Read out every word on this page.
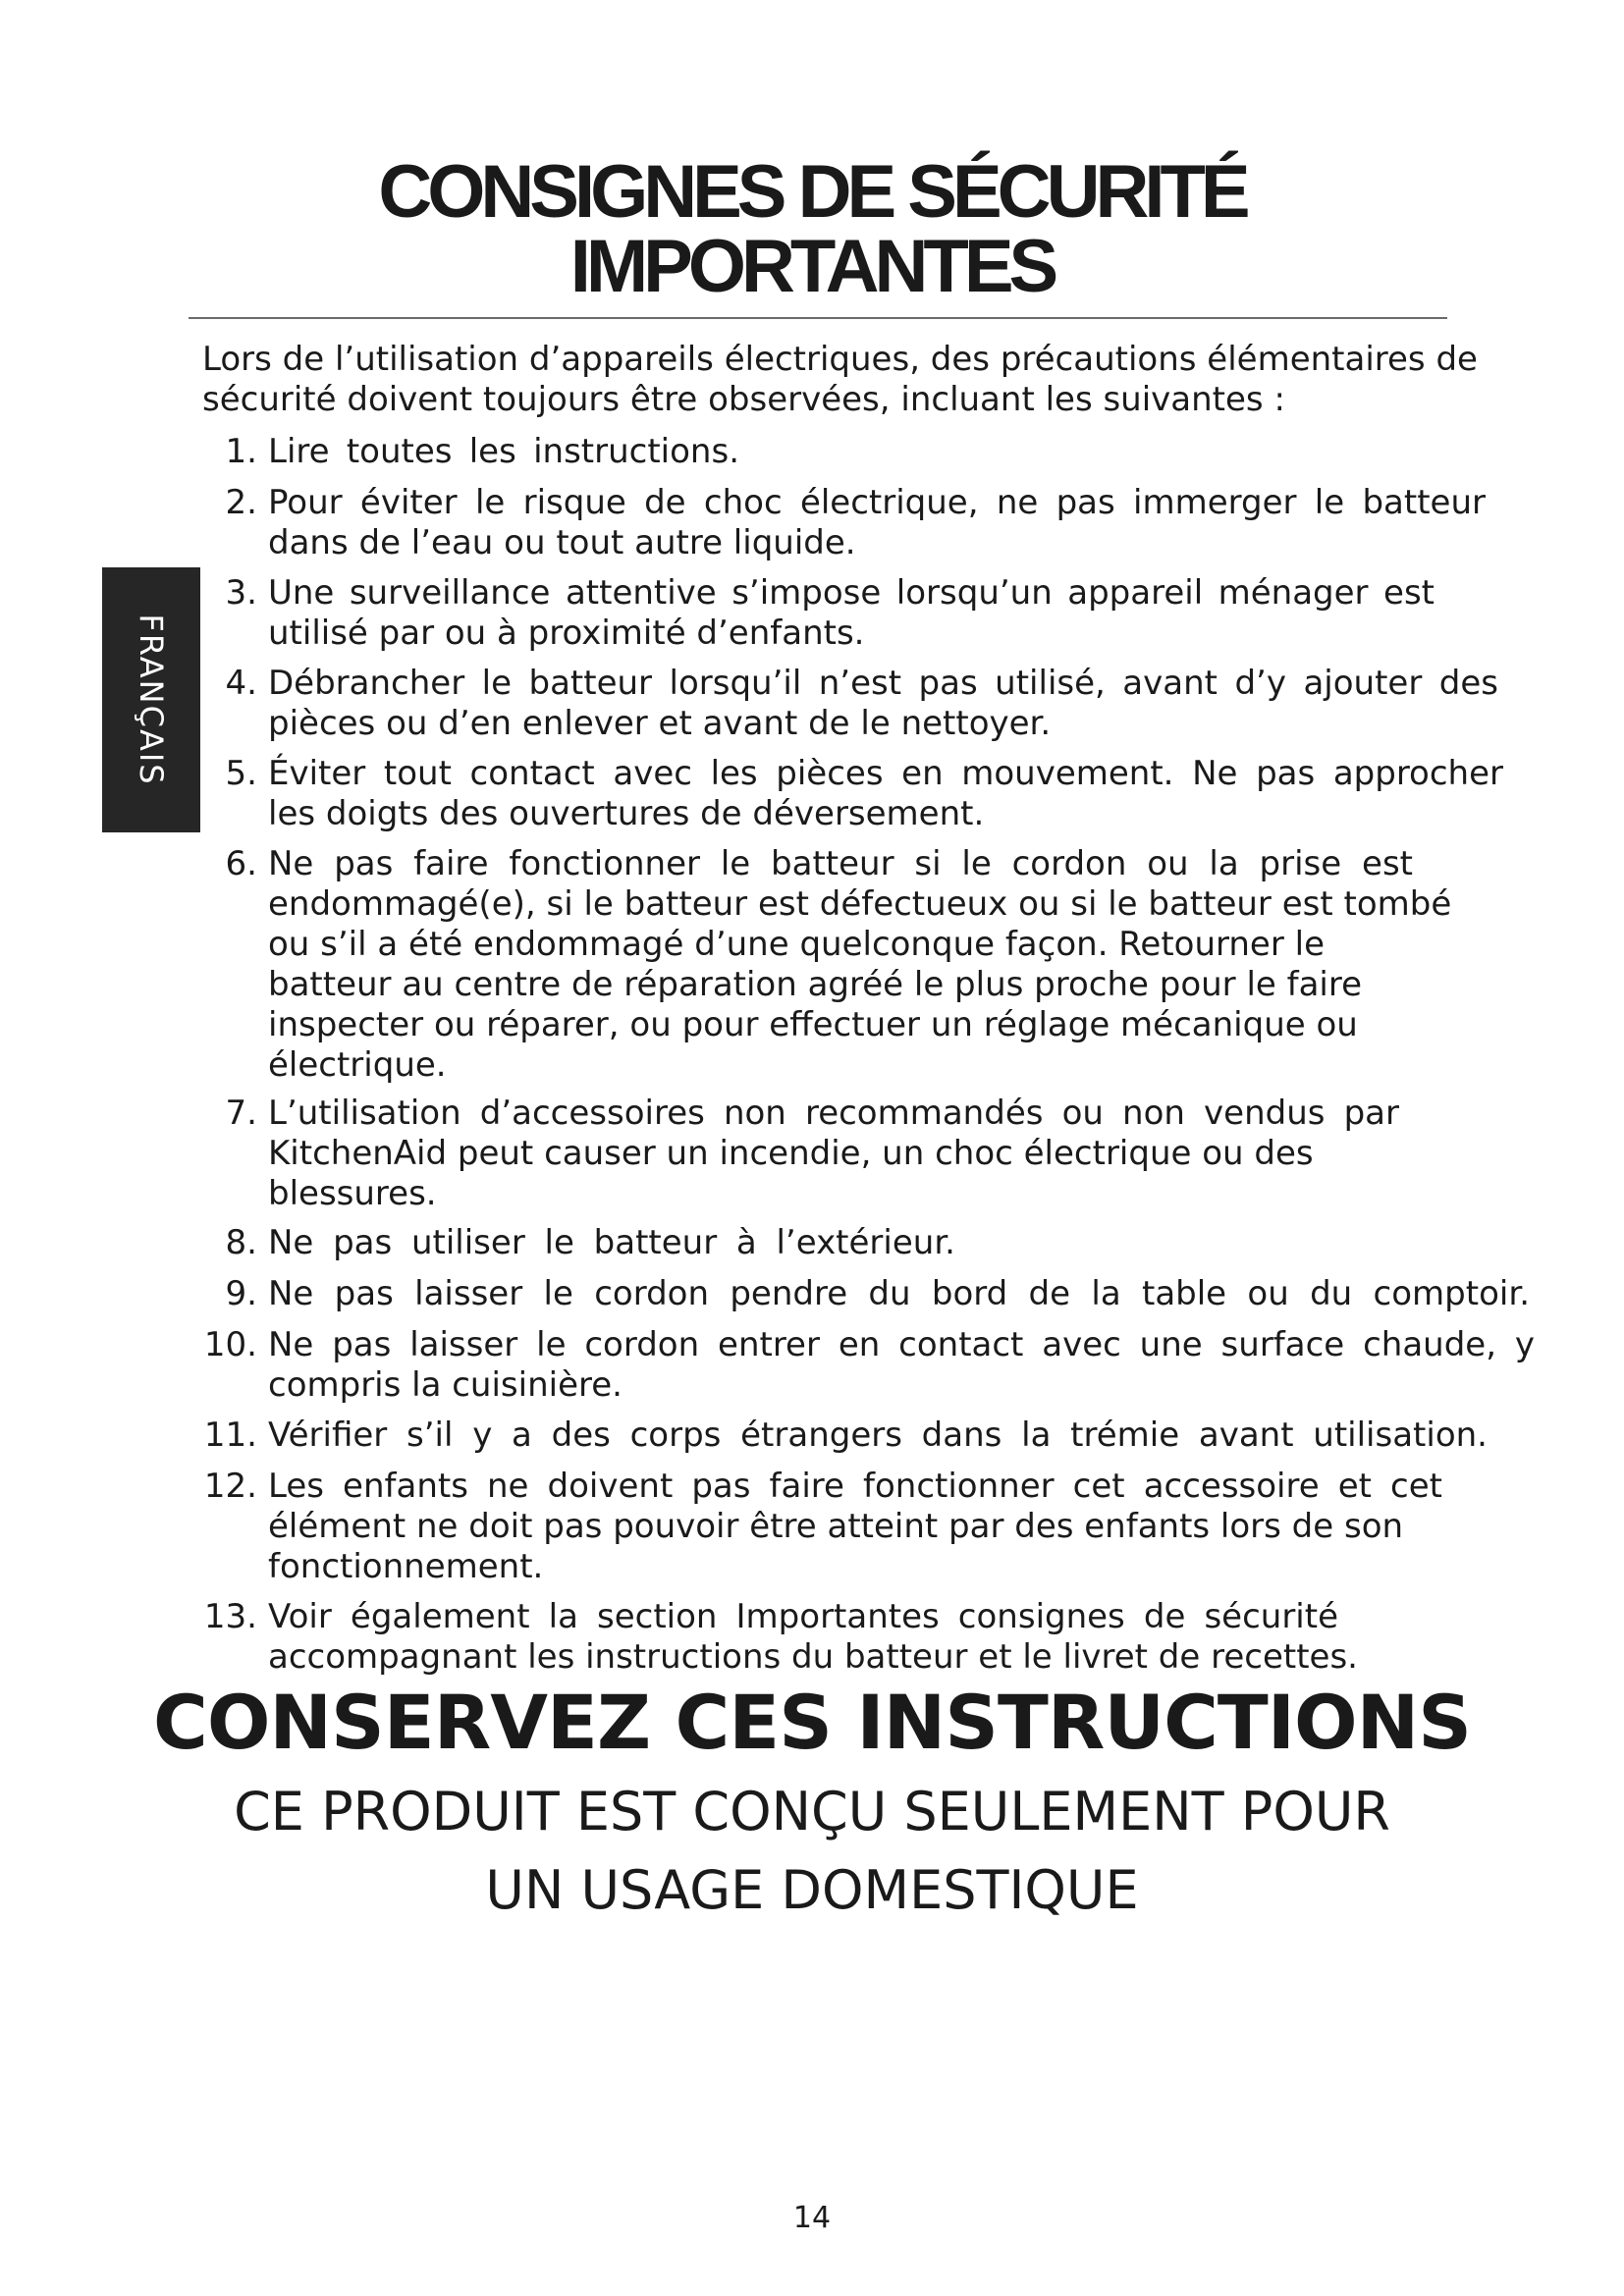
CONSIGNES DE SÉCURITÉ
IMPORTANTES
FRANÇAIS
Lors de l’utilisation d’appareils électriques, des précautions élémentaires de
sécurité doivent toujours être observées, incluant les suivantes :
1. Lire toutes les instructions.
2. Pour éviter le risque de choc électrique, ne pas immerger le batteur
dans de l’eau ou tout autre liquide.
3. Une surveillance attentive s’impose lorsqu’un appareil ménager est
utilisé par ou à proximité d’enfants.
4. Débrancher le batteur lorsqu’il n’est pas utilisé, avant d’y ajouter des
pièces ou d’en enlever et avant de le nettoyer.
5. Éviter tout contact avec les pièces en mouvement. Ne pas approcher
les doigts des ouvertures de déversement.
6. Ne pas faire fonctionner le batteur si le cordon ou la prise est
endommagé(e), si le batteur est défectueux ou si le batteur est tombé
ou s’il a été endommagé d’une quelconque façon. Retourner le
batteur au centre de réparation agréé le plus proche pour le faire
inspecter ou réparer, ou pour effectuer un réglage mécanique ou
électrique.
7. L’utilisation d’accessoires non recommandés ou non vendus par
KitchenAid peut causer un incendie, un choc électrique ou des
blessures.
8. Ne pas utiliser le batteur à l’extérieur.
9. Ne pas laisser le cordon pendre du bord de la table ou du comptoir.
10. Ne pas laisser le cordon entrer en contact avec une surface chaude, y
compris la cuisinière.
11. Vérifier s’il y a des corps étrangers dans la trémie avant utilisation.
12. Les enfants ne doivent pas faire fonctionner cet accessoire et cet
élément ne doit pas pouvoir être atteint par des enfants lors de son
fonctionnement.
13. Voir également la section Importantes consignes de sécurité
accompagnant les instructions du batteur et le livret de recettes.
CONSERVEZ CES INSTRUCTIONS

CE PRODUIT EST CONÇU SEULEMENT POUR

UN USAGE DOMESTIQUE

14
